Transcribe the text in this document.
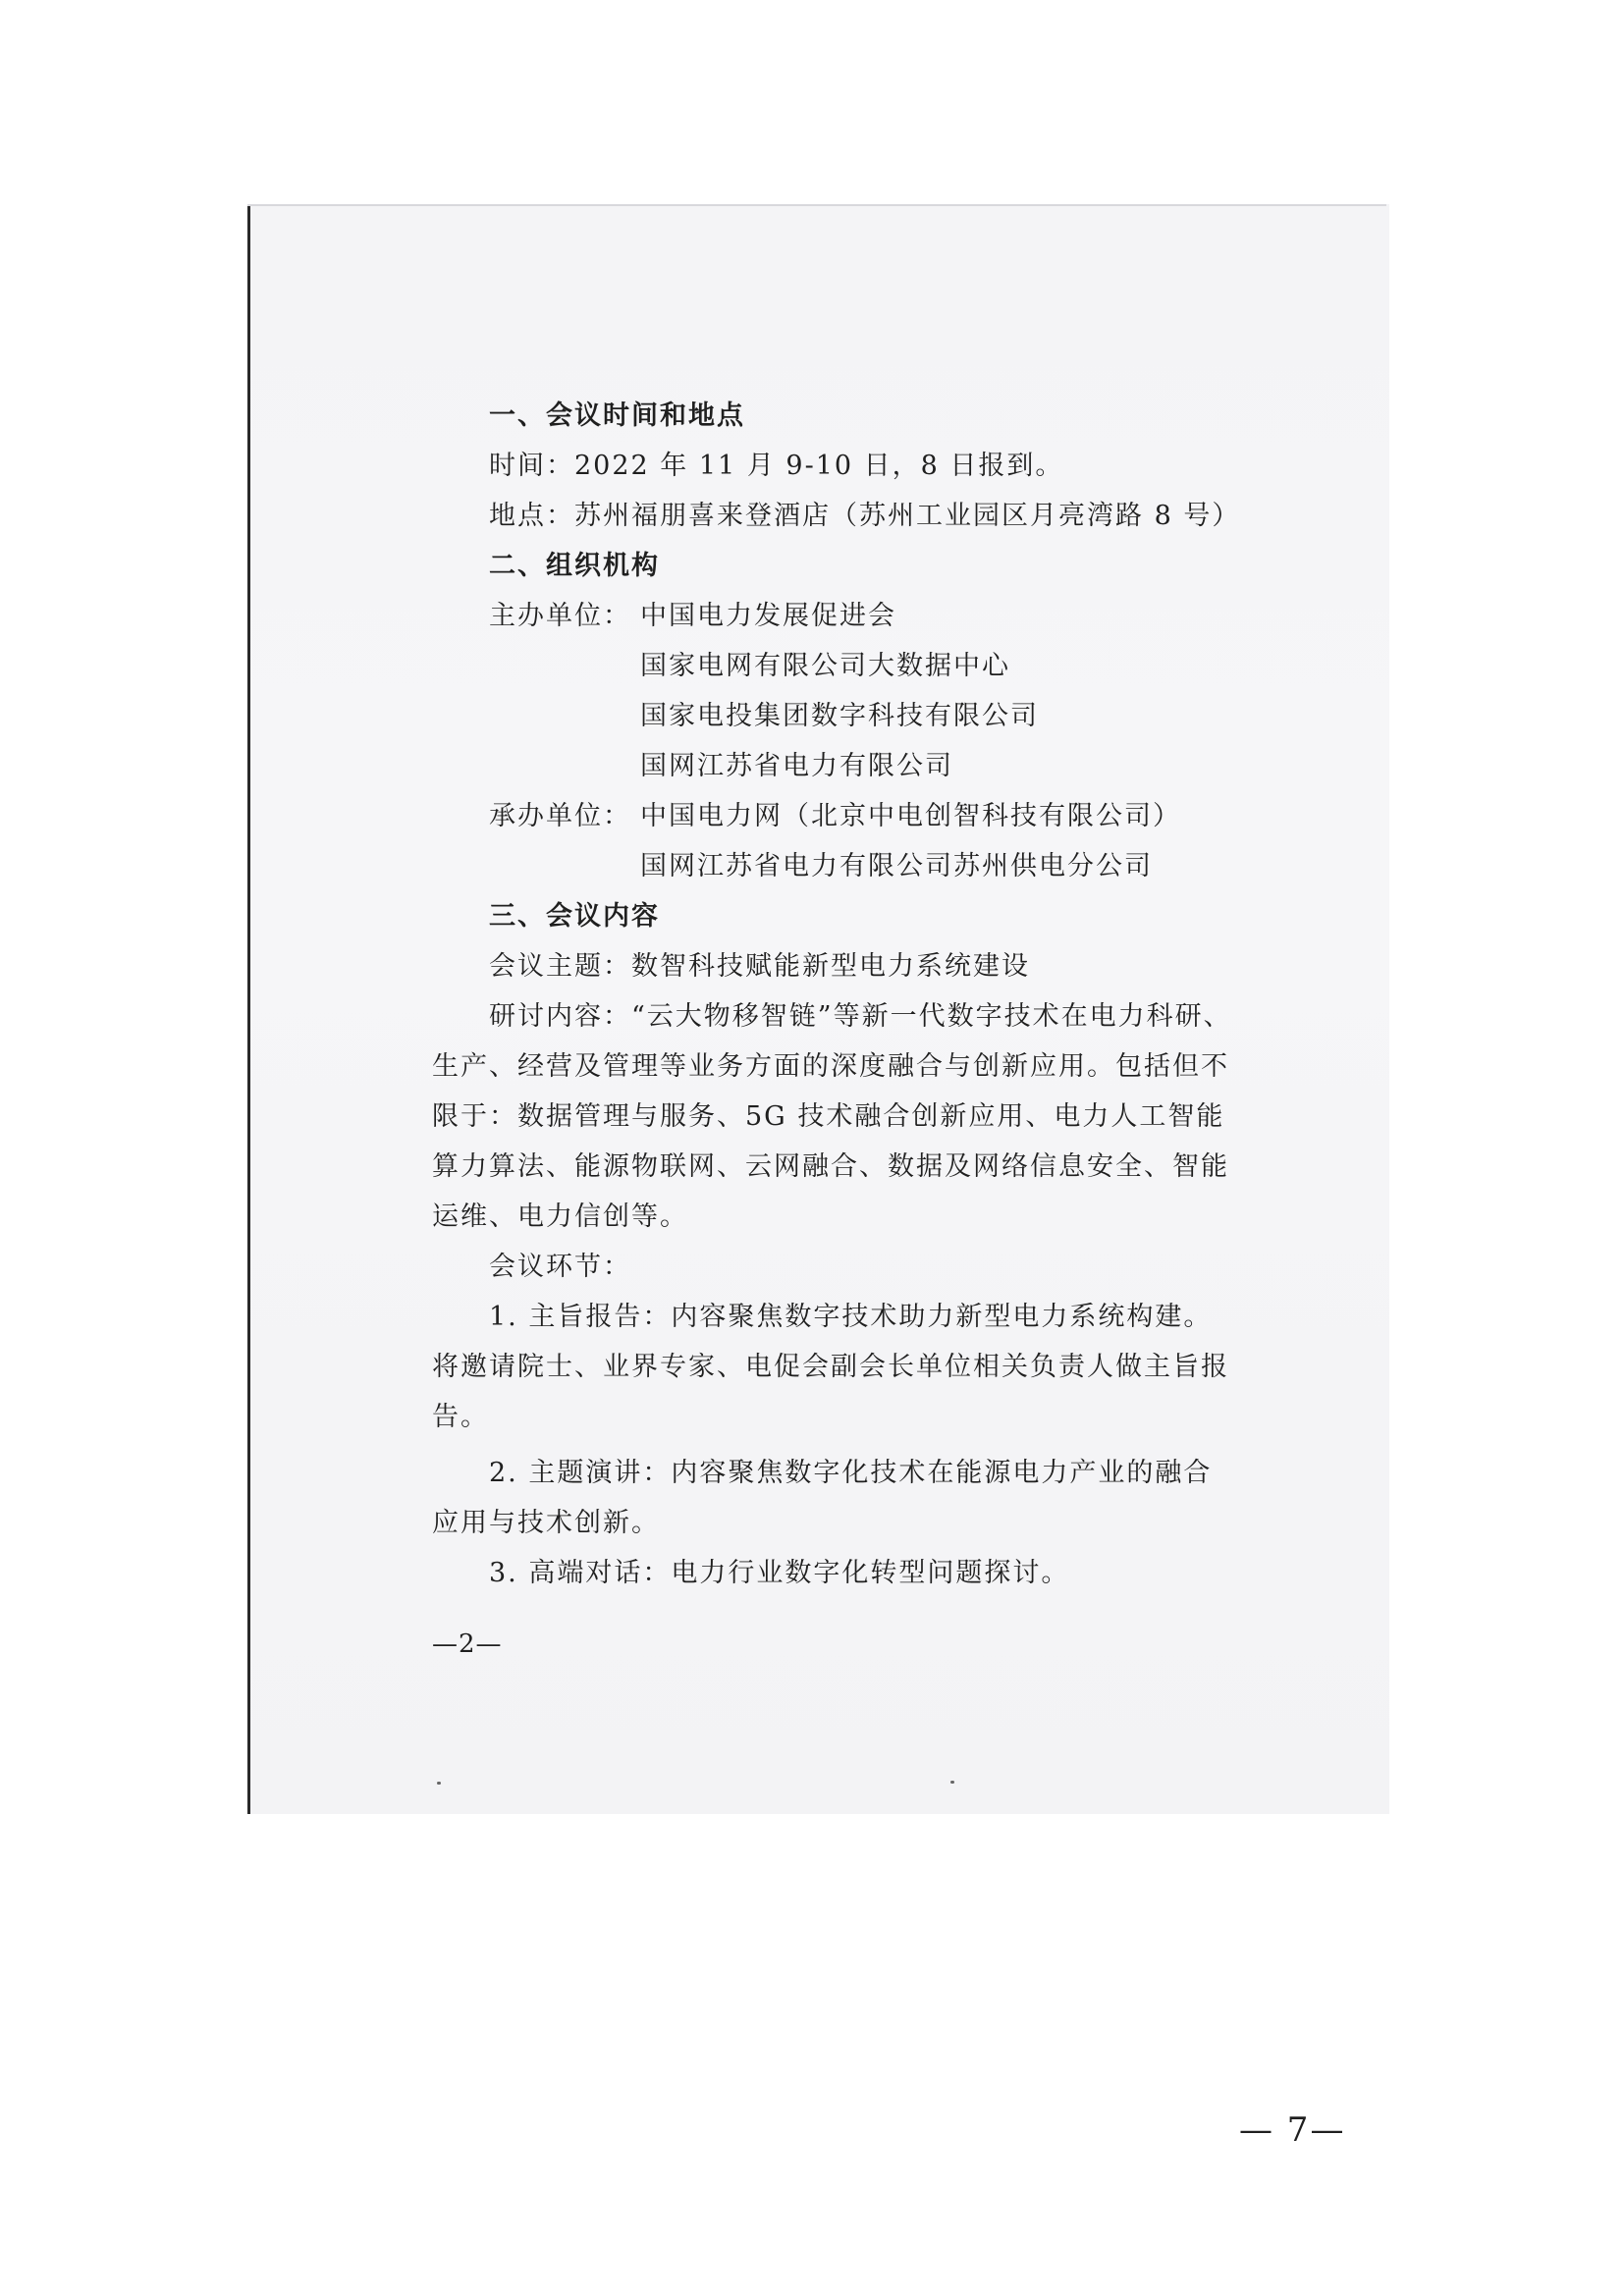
一、会议时间和地点
时间：2022 年 11 月 9-10 日，8 日报到。
地点：苏州福朋喜来登酒店（苏州工业园区月亮湾路 8 号）
二、组织机构
主办单位： 中国电力发展促进会
国家电网有限公司大数据中心
国家电投集团数字科技有限公司
国网江苏省电力有限公司
承办单位： 中国电力网（北京中电创智科技有限公司）
国网江苏省电力有限公司苏州供电分公司
三、会议内容
会议主题：数智科技赋能新型电力系统建设
研讨内容：“云大物移智链”等新一代数字技术在电力科研、
生产、经营及管理等业务方面的深度融合与创新应用。包括但不
限于：数据管理与服务、5G 技术融合创新应用、电力人工智能
算力算法、能源物联网、云网融合、数据及网络信息安全、智能
运维、电力信创等。
会议环节：
1. 主旨报告：内容聚焦数字技术助力新型电力系统构建。
将邀请院士、业界专家、电促会副会长单位相关负责人做主旨报
告。
2. 主题演讲：内容聚焦数字化技术在能源电力产业的融合
应用与技术创新。
3. 高端对话：电力行业数字化转型问题探讨。
—2—
— 7—
